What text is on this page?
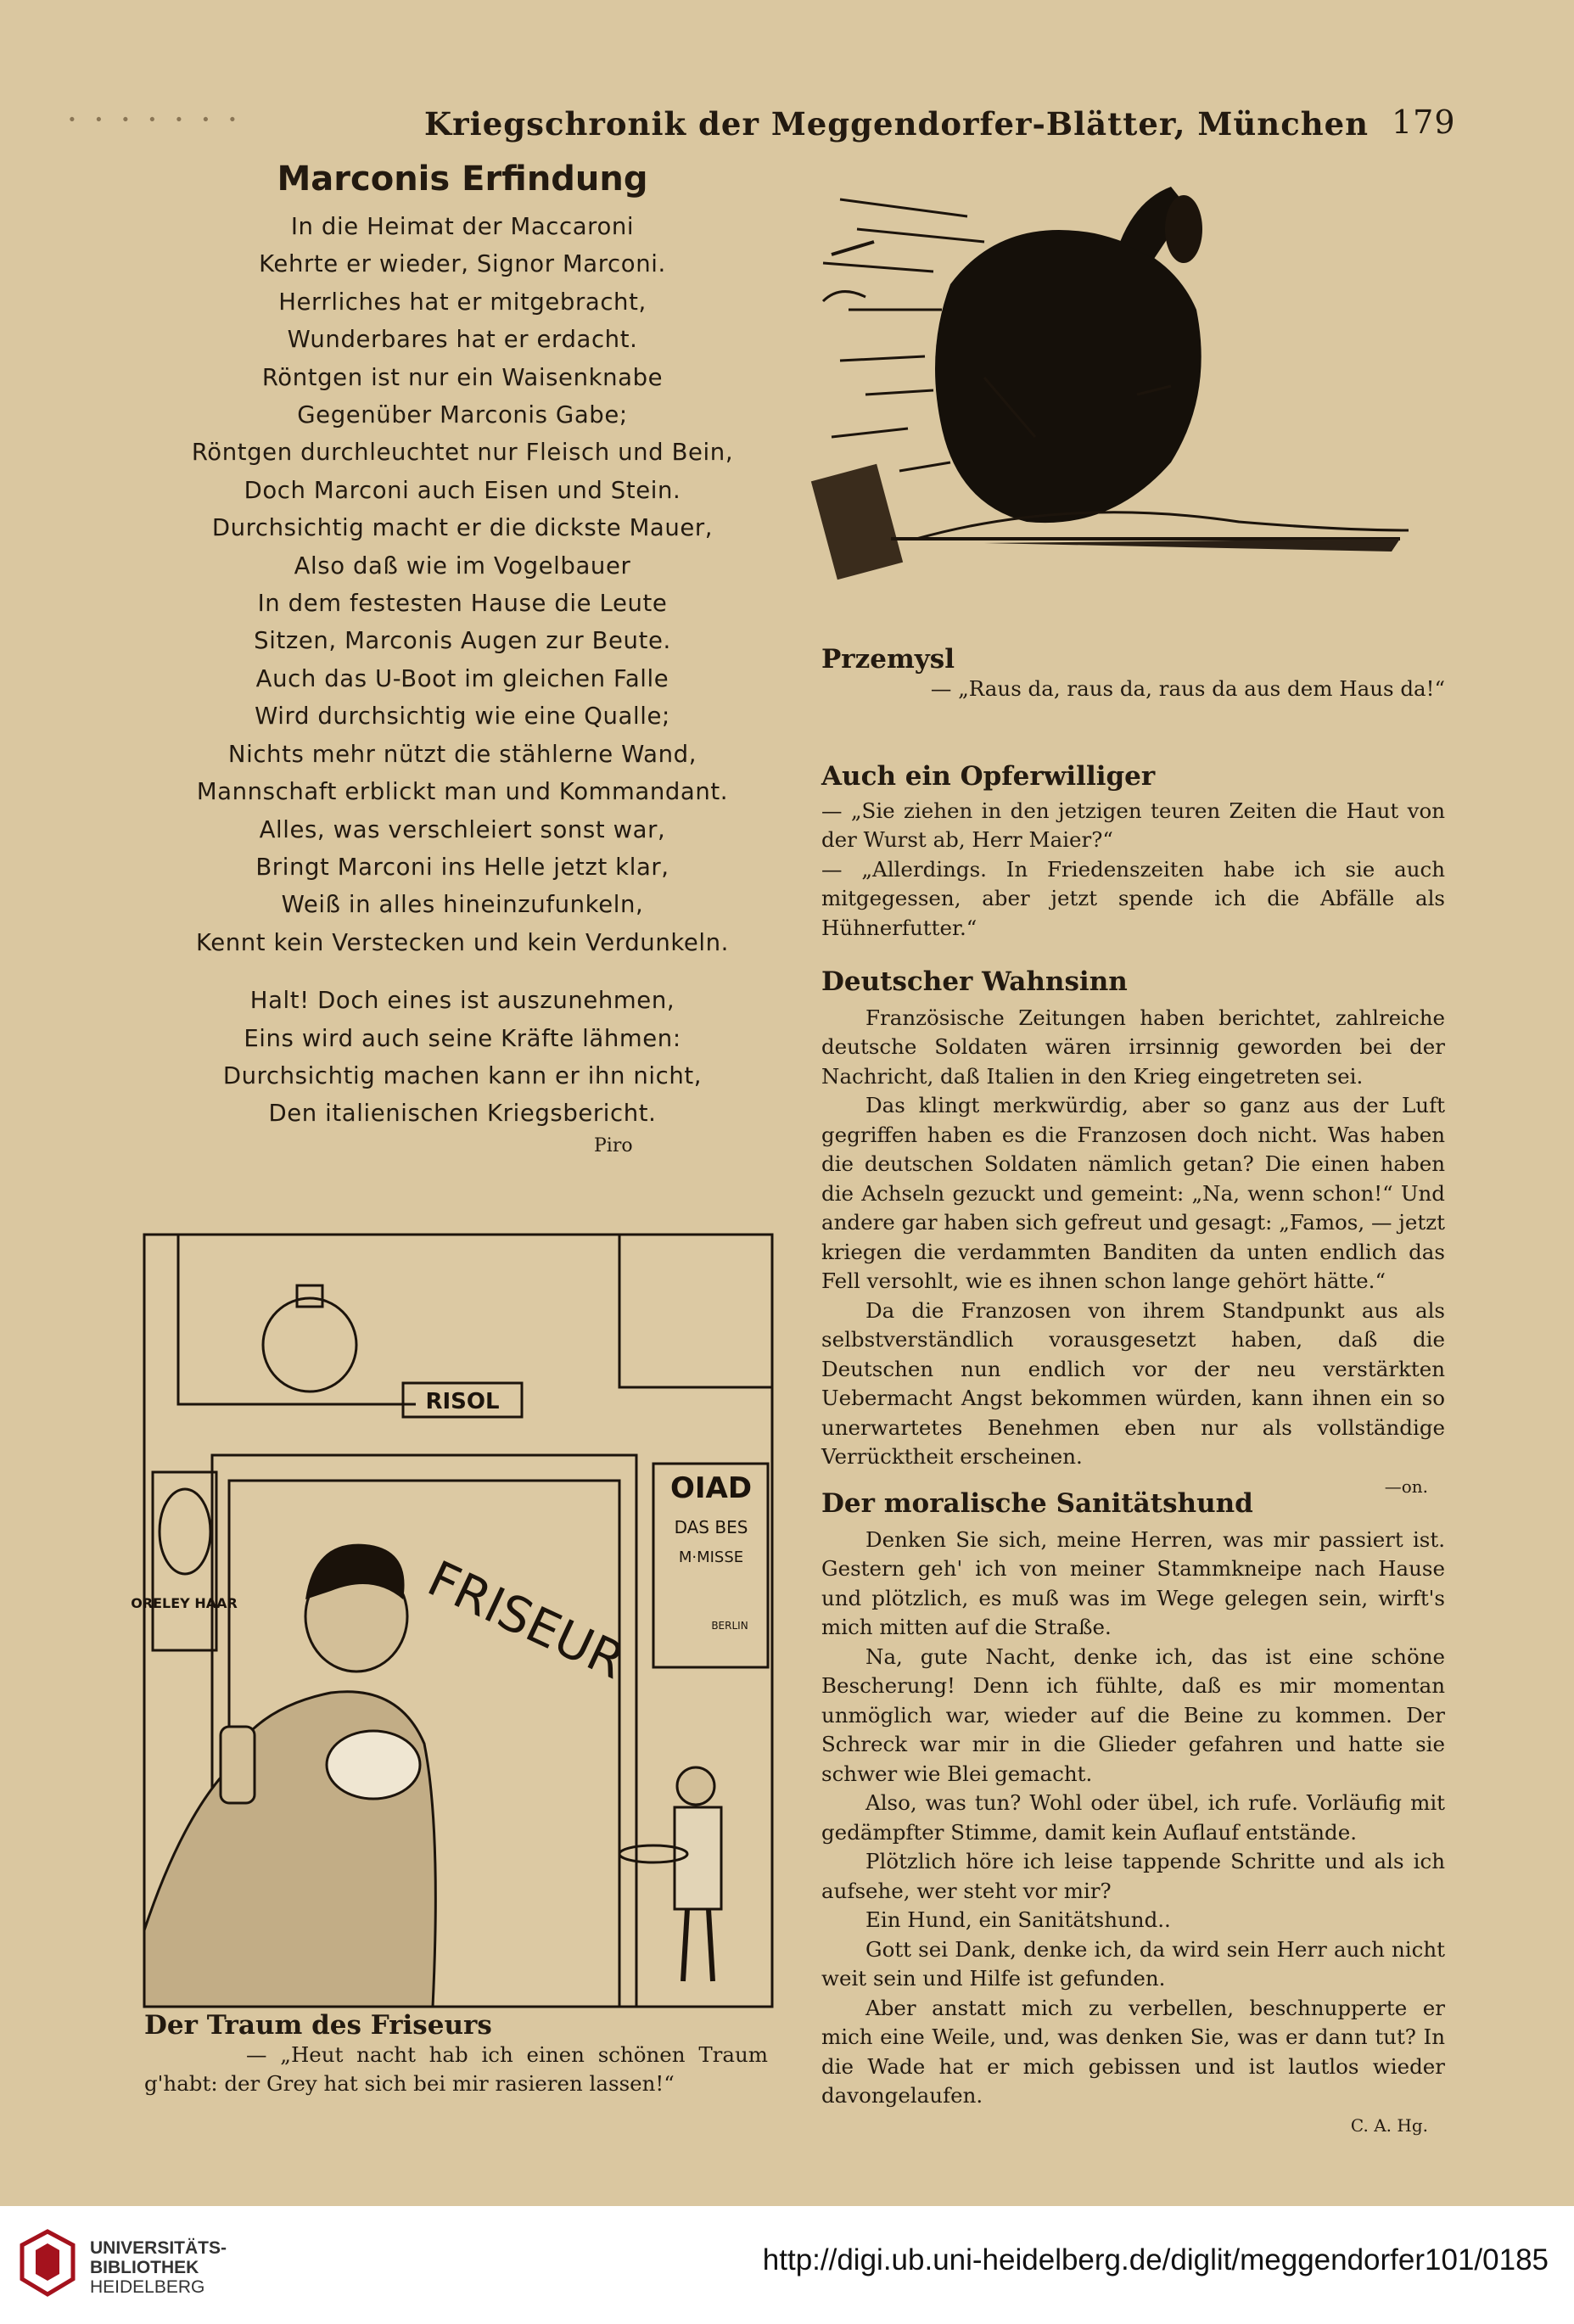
· · · · · · ·	Kriegschronik der Meggendorfer-Blätter, München 179
Marconis Erfindung
In die Heimat der Maccaroni
Kehrte er wieder, Signor Marconi.
Herrliches hat er mitgebracht,
Wunderbares hat er erdacht.
Röntgen ist nur ein Waisenknabe
Gegenüber Marconis Gabe;
Röntgen durchleuchtet nur Fleisch und Bein,
Doch Marconi auch Eisen und Stein.
Durchsichtig macht er die dickste Mauer,
Also daß wie im Vogelbauer
In dem festesten Hause die Leute
Sitzen, Marconis Augen zur Beute.
Auch das U-Boot im gleichen Falle
Wird durchsichtig wie eine Qualle;
Nichts mehr nützt die stählerne Wand,
Mannschaft erblickt man und Kommandant.
Alles, was verschleiert sonst war,
Bringt Marconi ins Helle jetzt klar,
Weiß in alles hineinzufunkeln,
Kennt kein Verstecken und kein Verdunkeln.
Halt! Doch eines ist auszunehmen,
Eins wird auch seine Kräfte lähmen:
Durchsichtig machen kann er ihn nicht,
Den italienischen Kriegsbericht.
Piro
Przemysl
— „Raus da, raus da, raus da aus dem Haus da!“
Auch ein Opferwilliger

— „Sie ziehen in den jetzigen teuren Zeiten die Haut von der Wurst ab, Herr Maier?“

— „Allerdings. In Friedenszeiten habe ich sie auch mitgegessen, aber jetzt spende ich die Abfälle als Hühnerfutter.“

Deutscher Wahnsinn

Französische Zeitungen haben berichtet, zahlreiche deutsche Soldaten wären irrsinnig geworden bei der Nachricht, daß Italien in den Krieg eingetreten sei.

Das klingt merkwürdig, aber so ganz aus der Luft gegriffen haben es die Franzosen doch nicht. Was haben die deutschen Soldaten nämlich getan? Die einen haben die Achseln gezuckt und gemeint: „Na, wenn schon!“ Und andere gar haben sich gefreut und gesagt: „Famos, — jetzt kriegen die verdammten Banditen da unten endlich das Fell versohlt, wie es ihnen schon lange gehört hätte.“

Da die Franzosen von ihrem Standpunkt aus als selbstverständlich vorausgesetzt haben, daß die Deutschen nun endlich vor der neu verstärkten Uebermacht Angst bekommen würden, kann ihnen ein so unerwartetes Benehmen eben nur als vollständige Verrücktheit erscheinen.

—on.
Der moralische Sanitätshund

Denken Sie sich, meine Herren, was mir passiert ist. Gestern geh' ich von meiner Stammkneipe nach Hause und plötzlich, es muß was im Wege gelegen sein, wirft's mich mitten auf die Straße.

Na, gute Nacht, denke ich, das ist eine schöne Bescherung! Denn ich fühlte, daß es mir momentan unmöglich war, wieder auf die Beine zu kommen. Der Schreck war mir in die Glieder gefahren und hatte sie schwer wie Blei gemacht.

Also, was tun? Wohl oder übel, ich rufe. Vorläufig mit gedämpfter Stimme, damit kein Auflauf entstände.

Plötzlich höre ich leise tappende Schritte und als ich aufsehe, wer steht vor mir?

Ein Hund, ein Sanitätshund..

Gott sei Dank, denke ich, da wird sein Herr auch nicht weit sein und Hilfe ist gefunden.

Aber anstatt mich zu verbellen, beschnupperte er mich eine Weile, und, was denken Sie, was er dann tut? In die Wade hat er mich gebissen und ist lautlos wieder davongelaufen.

C. A. Hg.
RISOL
ORELEY HAAR
OIAD
DAS BES
M·MISSE
BERLIN
FRISEUR
Der Traum des Friseurs

— „Heut nacht hab ich einen schönen Traum g'habt: der Grey hat sich bei mir rasieren lassen!“

UNIVERSITÄTS-
BIBLIOTHEK
HEIDELBERG
http://digi.ub.uni-heidelberg.de/diglit/meggendorfer101/0185
